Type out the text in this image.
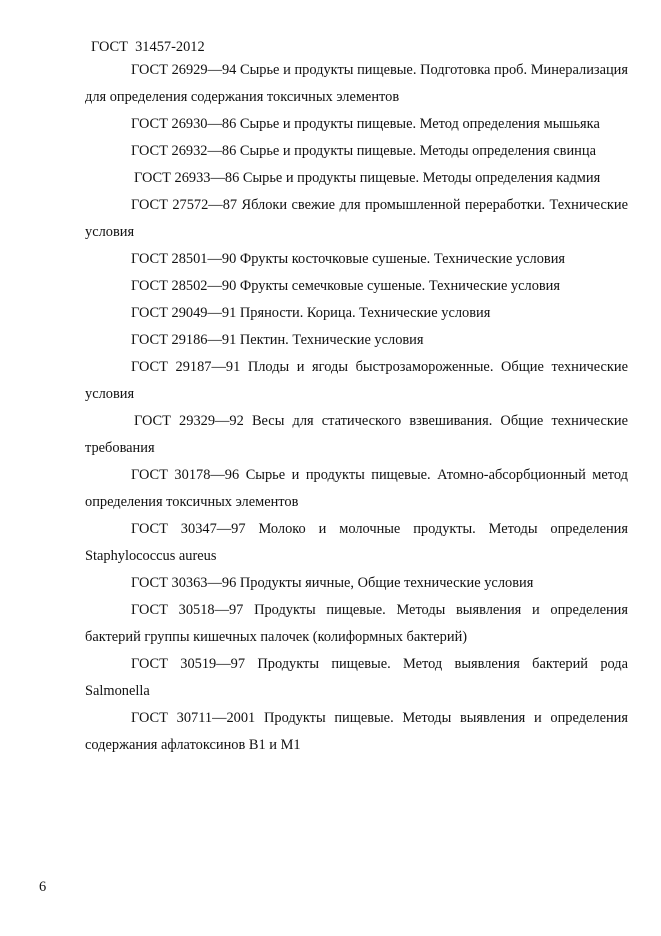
ГОСТ  31457-2012

ГОСТ 26929—94 Сырье и продукты пищевые. Подготовка проб. Минерализация для определения содержания токсичных элементов

ГОСТ 26930—86 Сырье и продукты пищевые. Метод определения мышьяка

ГОСТ 26932—86 Сырье и продукты пищевые. Методы определения свинца

ГОСТ 26933—86 Сырье и продукты пищевые. Методы определения кадмия

ГОСТ 27572—87 Яблоки свежие для промышленной переработки. Технические условия

ГОСТ 28501—90 Фрукты косточковые сушеные. Технические условия

ГОСТ 28502—90 Фрукты семечковые сушеные. Технические условия

ГОСТ 29049—91 Пряности. Корица. Технические условия

ГОСТ 29186—91 Пектин. Технические условия

ГОСТ 29187—91 Плоды и ягоды быстрозамороженные. Общие технические условия

ГОСТ 29329—92 Весы для статического взвешивания. Общие технические требования

ГОСТ 30178—96 Сырье и продукты пищевые. Атомно-абсорбционный метод определения токсичных элементов

ГОСТ 30347—97 Молоко и молочные продукты. Методы определения Staphylococcus aureus

ГОСТ 30363—96 Продукты яичные, Общие технические условия

ГОСТ 30518—97 Продукты пищевые. Методы выявления и определения бактерий группы кишечных палочек (колиформных бактерий)

ГОСТ 30519—97 Продукты пищевые. Метод выявления бактерий рода Salmonella

ГОСТ 30711—2001 Продукты пищевые. Методы выявления и определения содержания афлатоксинов В1 и М1

6
